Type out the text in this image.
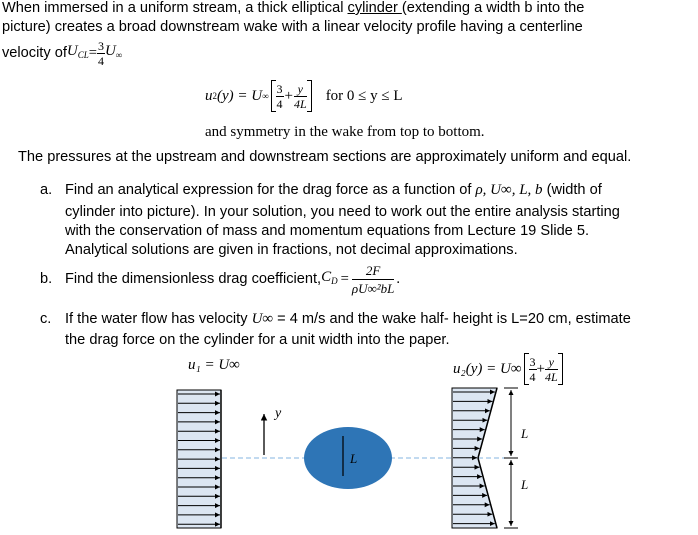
When immersed in a uniform stream, a thick elliptical cylinder (extending a width b into the
picture) creates a broad downstream wake with a linear velocity profile having a centerline
velocity of $U_{CL} = \frac{3}{4} U_\infty$
u 2 (y) = U ∞ $\frac{3}{4} + \frac{y}{4L}$ for 0 ≤ y ≤ L
and symmetry in the wake from top to bottom.
The pressures at the upstream and downstream sections are approximately uniform and equal.
a. Find an analytical expression for the drag force as a function of ρ, U∞, L, b (width of
cylinder into picture). In your solution, you need to work out the entire analysis starting
with the conservation of mass and momentum equations from Lecture 19 Slide 5.
Analytical solutions are given in fractions, not decimal approximations.
b. Find the dimensionless drag coefficient, $C_D = \frac{2F}{\text{ρU∞²bL}}$ .
c. If the water flow has velocity U∞ = 4 m/s and the wake half- height is L=20 cm, estimate
the drag force on the cylinder for a unit width into the paper.
u₁ = U∞	$u_2(y) = U\infty \frac{3}{4} + \frac{y}{4L}$
y
L
L
L
